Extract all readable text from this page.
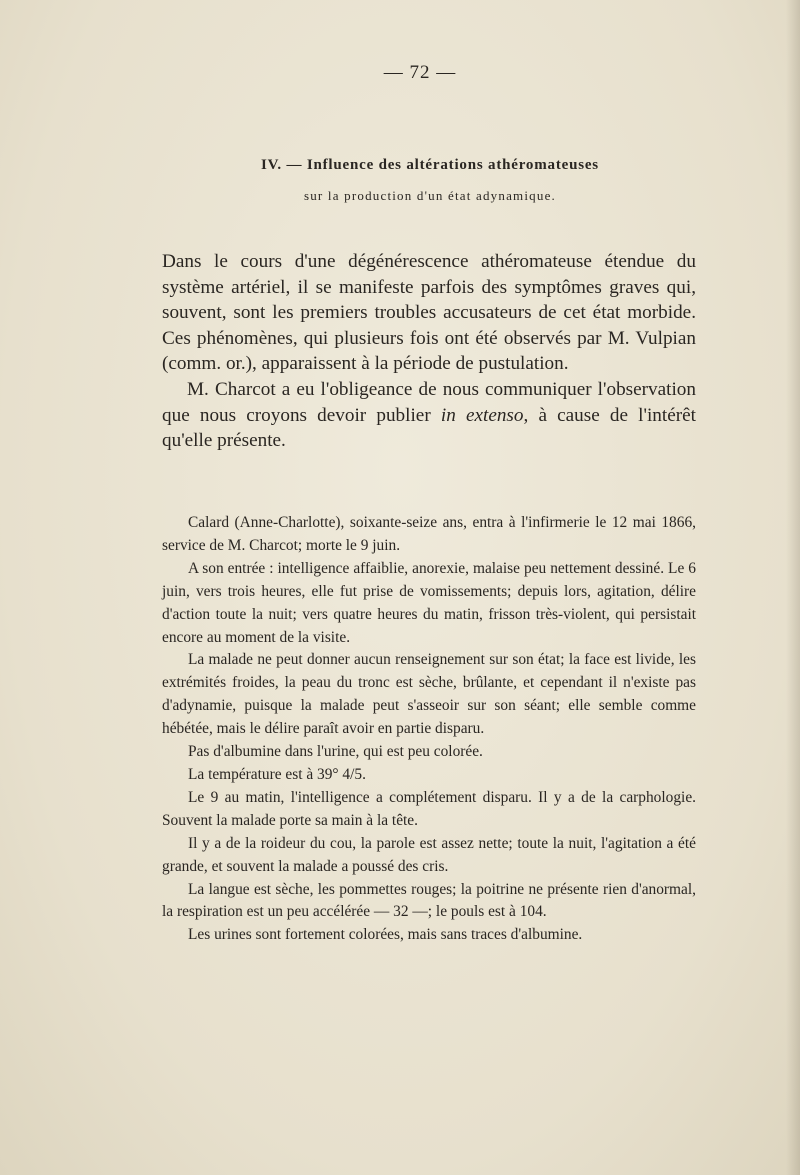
— 72 —
IV. — Influence des altérations athéromateuses
sur la production d'un état adynamique.

Dans le cours d'une dégénérescence athéromateuse étendue du système artériel, il se manifeste parfois des symptômes graves qui, souvent, sont les premiers troubles accusateurs de cet état morbide. Ces phénomènes, qui plusieurs fois ont été observés par M. Vulpian (comm. or.), apparaissent à la période de pustulation.

M. Charcot a eu l'obligeance de nous communiquer l'observation que nous croyons devoir publier in extenso, à cause de l'intérêt qu'elle présente.

Calard (Anne-Charlotte), soixante-seize ans, entra à l'infirmerie le 12 mai 1866, service de M. Charcot; morte le 9 juin.

A son entrée : intelligence affaiblie, anorexie, malaise peu nettement dessiné. Le 6 juin, vers trois heures, elle fut prise de vomissements; depuis lors, agitation, délire d'action toute la nuit; vers quatre heures du matin, frisson très-violent, qui persistait encore au moment de la visite.

La malade ne peut donner aucun renseignement sur son état; la face est livide, les extrémités froides, la peau du tronc est sèche, brûlante, et cependant il n'existe pas d'adynamie, puisque la malade peut s'asseoir sur son séant; elle semble comme hébétée, mais le délire paraît avoir en partie disparu.

Pas d'albumine dans l'urine, qui est peu colorée.

La température est à 39° 4/5.

Le 9 au matin, l'intelligence a complétement disparu. Il y a de la carphologie. Souvent la malade porte sa main à la tête.

Il y a de la roideur du cou, la parole est assez nette; toute la nuit, l'agitation a été grande, et souvent la malade a poussé des cris.

La langue est sèche, les pommettes rouges; la poitrine ne présente rien d'anormal, la respiration est un peu accélérée — 32 —; le pouls est à 104.

Les urines sont fortement colorées, mais sans traces d'albumine.
